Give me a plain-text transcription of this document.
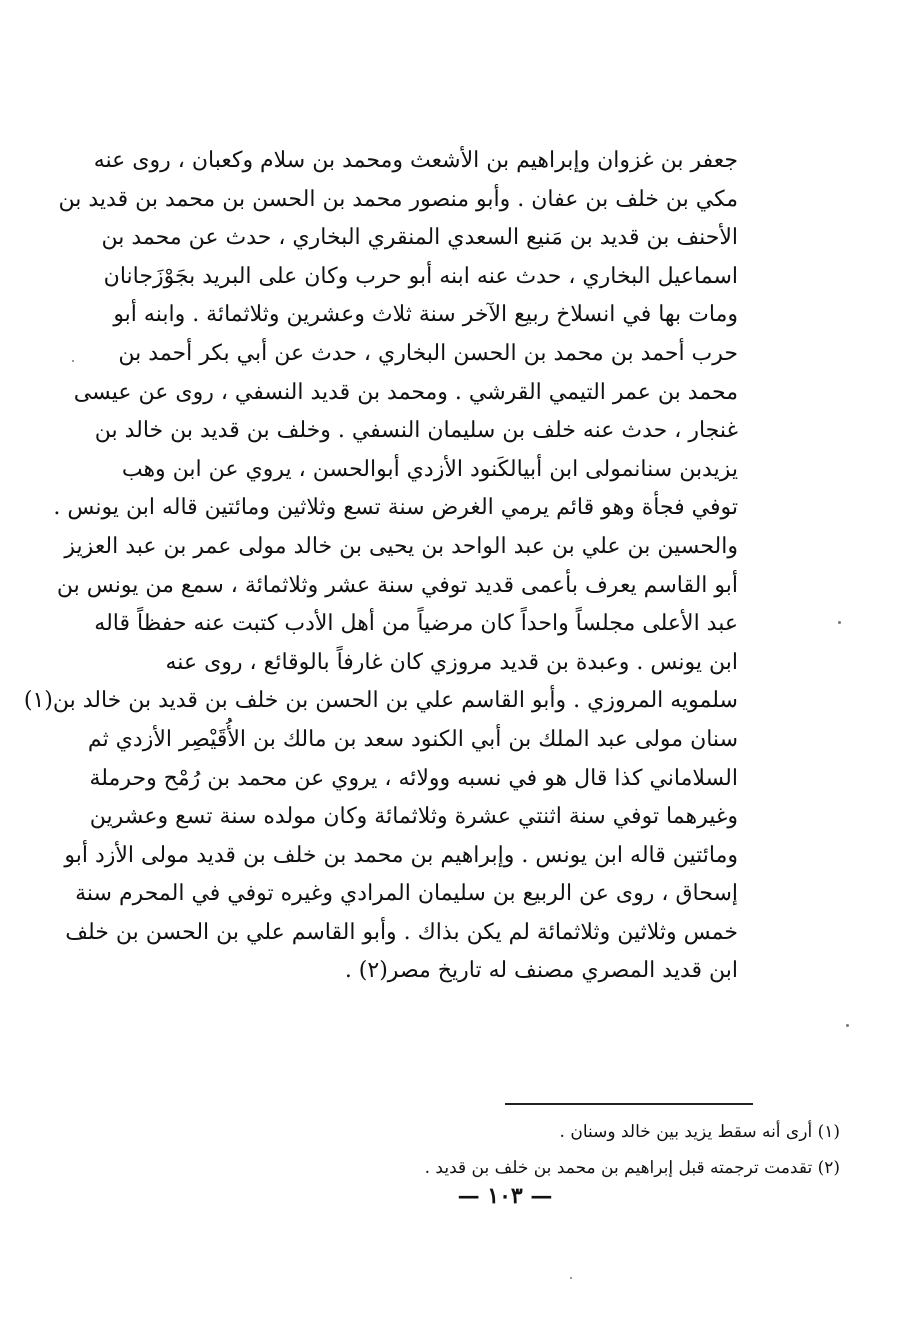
جعفر بن غزوان وإبراهيم بن الأشعث ومحمد بن سلام وكعبان ، روى عنه
مكي بن خلف بن عفان . وأبو منصور محمد بن الحسن بن محمد بن قديد بن
الأحنف بن قديد بن مَنيع السعدي المنقري البخاري ، حدث عن محمد بن
اسماعيل البخاري ، حدث عنه ابنه أبو حرب وكان على البريد بجَوْزَجانان
ومات بها في انسلاخ ربيع الآخر سنة ثلاث وعشرين وثلاثمائة . وابنه أبو
حرب أحمد بن محمد بن الحسن البخاري ، حدث عن أبي بكر أحمد بن
محمد بن عمر التيمي القرشي . ومحمد بن قديد النسفي ، روى عن عيسى
غنجار ، حدث عنه خلف بن سليمان النسفي . وخلف بن قديد بن خالد بن
يزيدبن سنانمولى ابن أبيالكَنود الأزدي أبوالحسن ، يروي عن ابن وهب
توفي فجأة وهو قائم يرمي الغرض سنة تسع وثلاثين ومائتين قاله ابن يونس .
والحسين بن علي بن عبد الواحد بن يحيى بن خالد مولى عمر بن عبد العزيز
أبو القاسم يعرف بأعمى قديد توفي سنة عشر وثلاثمائة ، سمع من يونس بن
عبد الأعلى مجلساً واحداً كان مرضياً من أهل الأدب كتبت عنه حفظاً قاله
ابن يونس . وعبدة بن قديد مروزي كان غارفاً بالوقائع ، روى عنه
سلمويه المروزي . وأبو القاسم علي بن الحسن بن خلف بن قديد بن خالد بن(١)
سنان مولى عبد الملك بن أبي الكنود سعد بن مالك بن الأُقَيْصِر الأزدي ثم
السلاماني كذا قال هو في نسبه وولائه ، يروي عن محمد بن رُمْح وحرملة
وغيرهما توفي سنة اثنتي عشرة وثلاثمائة وكان مولده سنة تسع وعشرين
ومائتين قاله ابن يونس . وإبراهيم بن محمد بن خلف بن قديد مولى الأزد أبو
إسحاق ، روى عن الربيع بن سليمان المرادي وغيره توفي في المحرم سنة
خمس وثلاثين وثلاثمائة لم يكن بذاك . وأبو القاسم علي بن الحسن بن خلف
ابن قديد المصري مصنف له تاريخ مصر(٢) .
(١) أرى أنه سقط يزيد بين خالد وسنان .
(٢) تقدمت ترجمته قبل إبراهيم بن محمد بن خلف بن قديد .
— ١٠٣ —
